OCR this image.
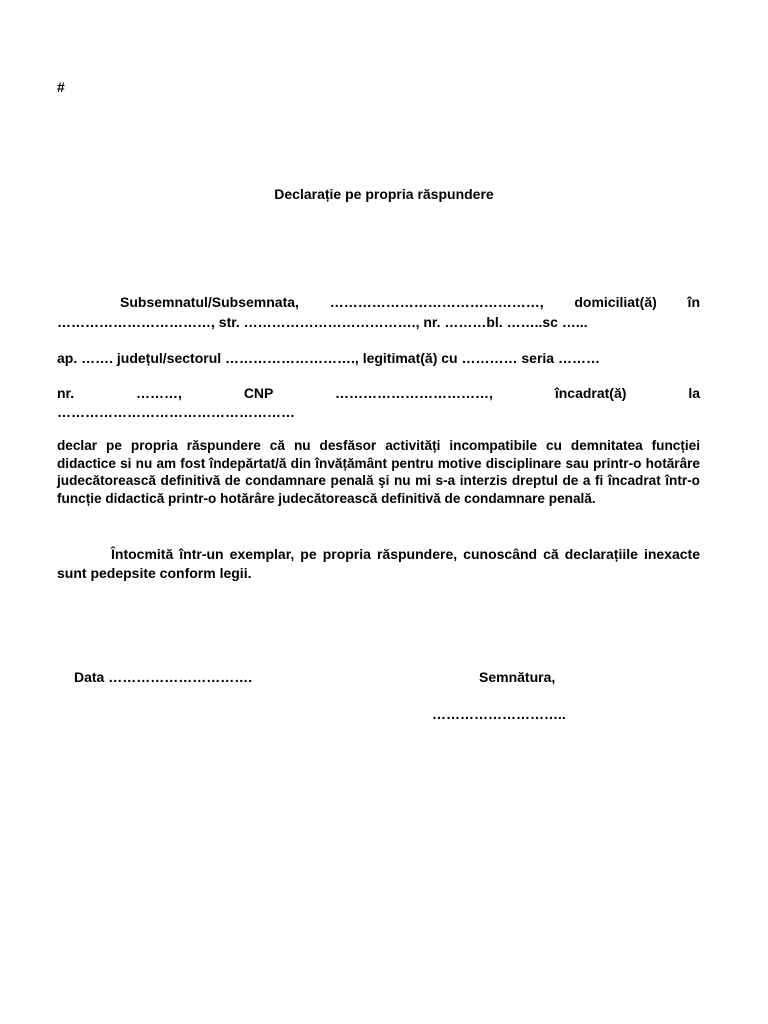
#
Declarație pe propria răspundere
Subsemnatul/Subsemnata, ………………………………………, domiciliat(ă) în
……………………………, str. ………………………………., nr. ………bl. ……..sc …...
ap. ……. județul/sectorul ………………………., legitimat(ă) cu ………… seria ………
nr. ………, CNP ……………………………, încadrat(ă) la
……………………………………………
declar pe propria răspundere că nu desfăsor activități incompatibile cu demnitatea funcției didactice si nu am fost îndepărtat/ă din învățământ pentru motive disciplinare sau printr-o hotărâre judecătorească definitivă de condamnare penală şi nu mi s-a interzis dreptul de a fi încadrat într-o funcție didactică printr-o hotărâre judecătorească definitivă de condamnare penală.
Întocmită într-un exemplar, pe propria răspundere, cunoscând că declarațiile inexacte sunt pedepsite conform legii.
Data ………………………….	Semnătura,
………………………..
